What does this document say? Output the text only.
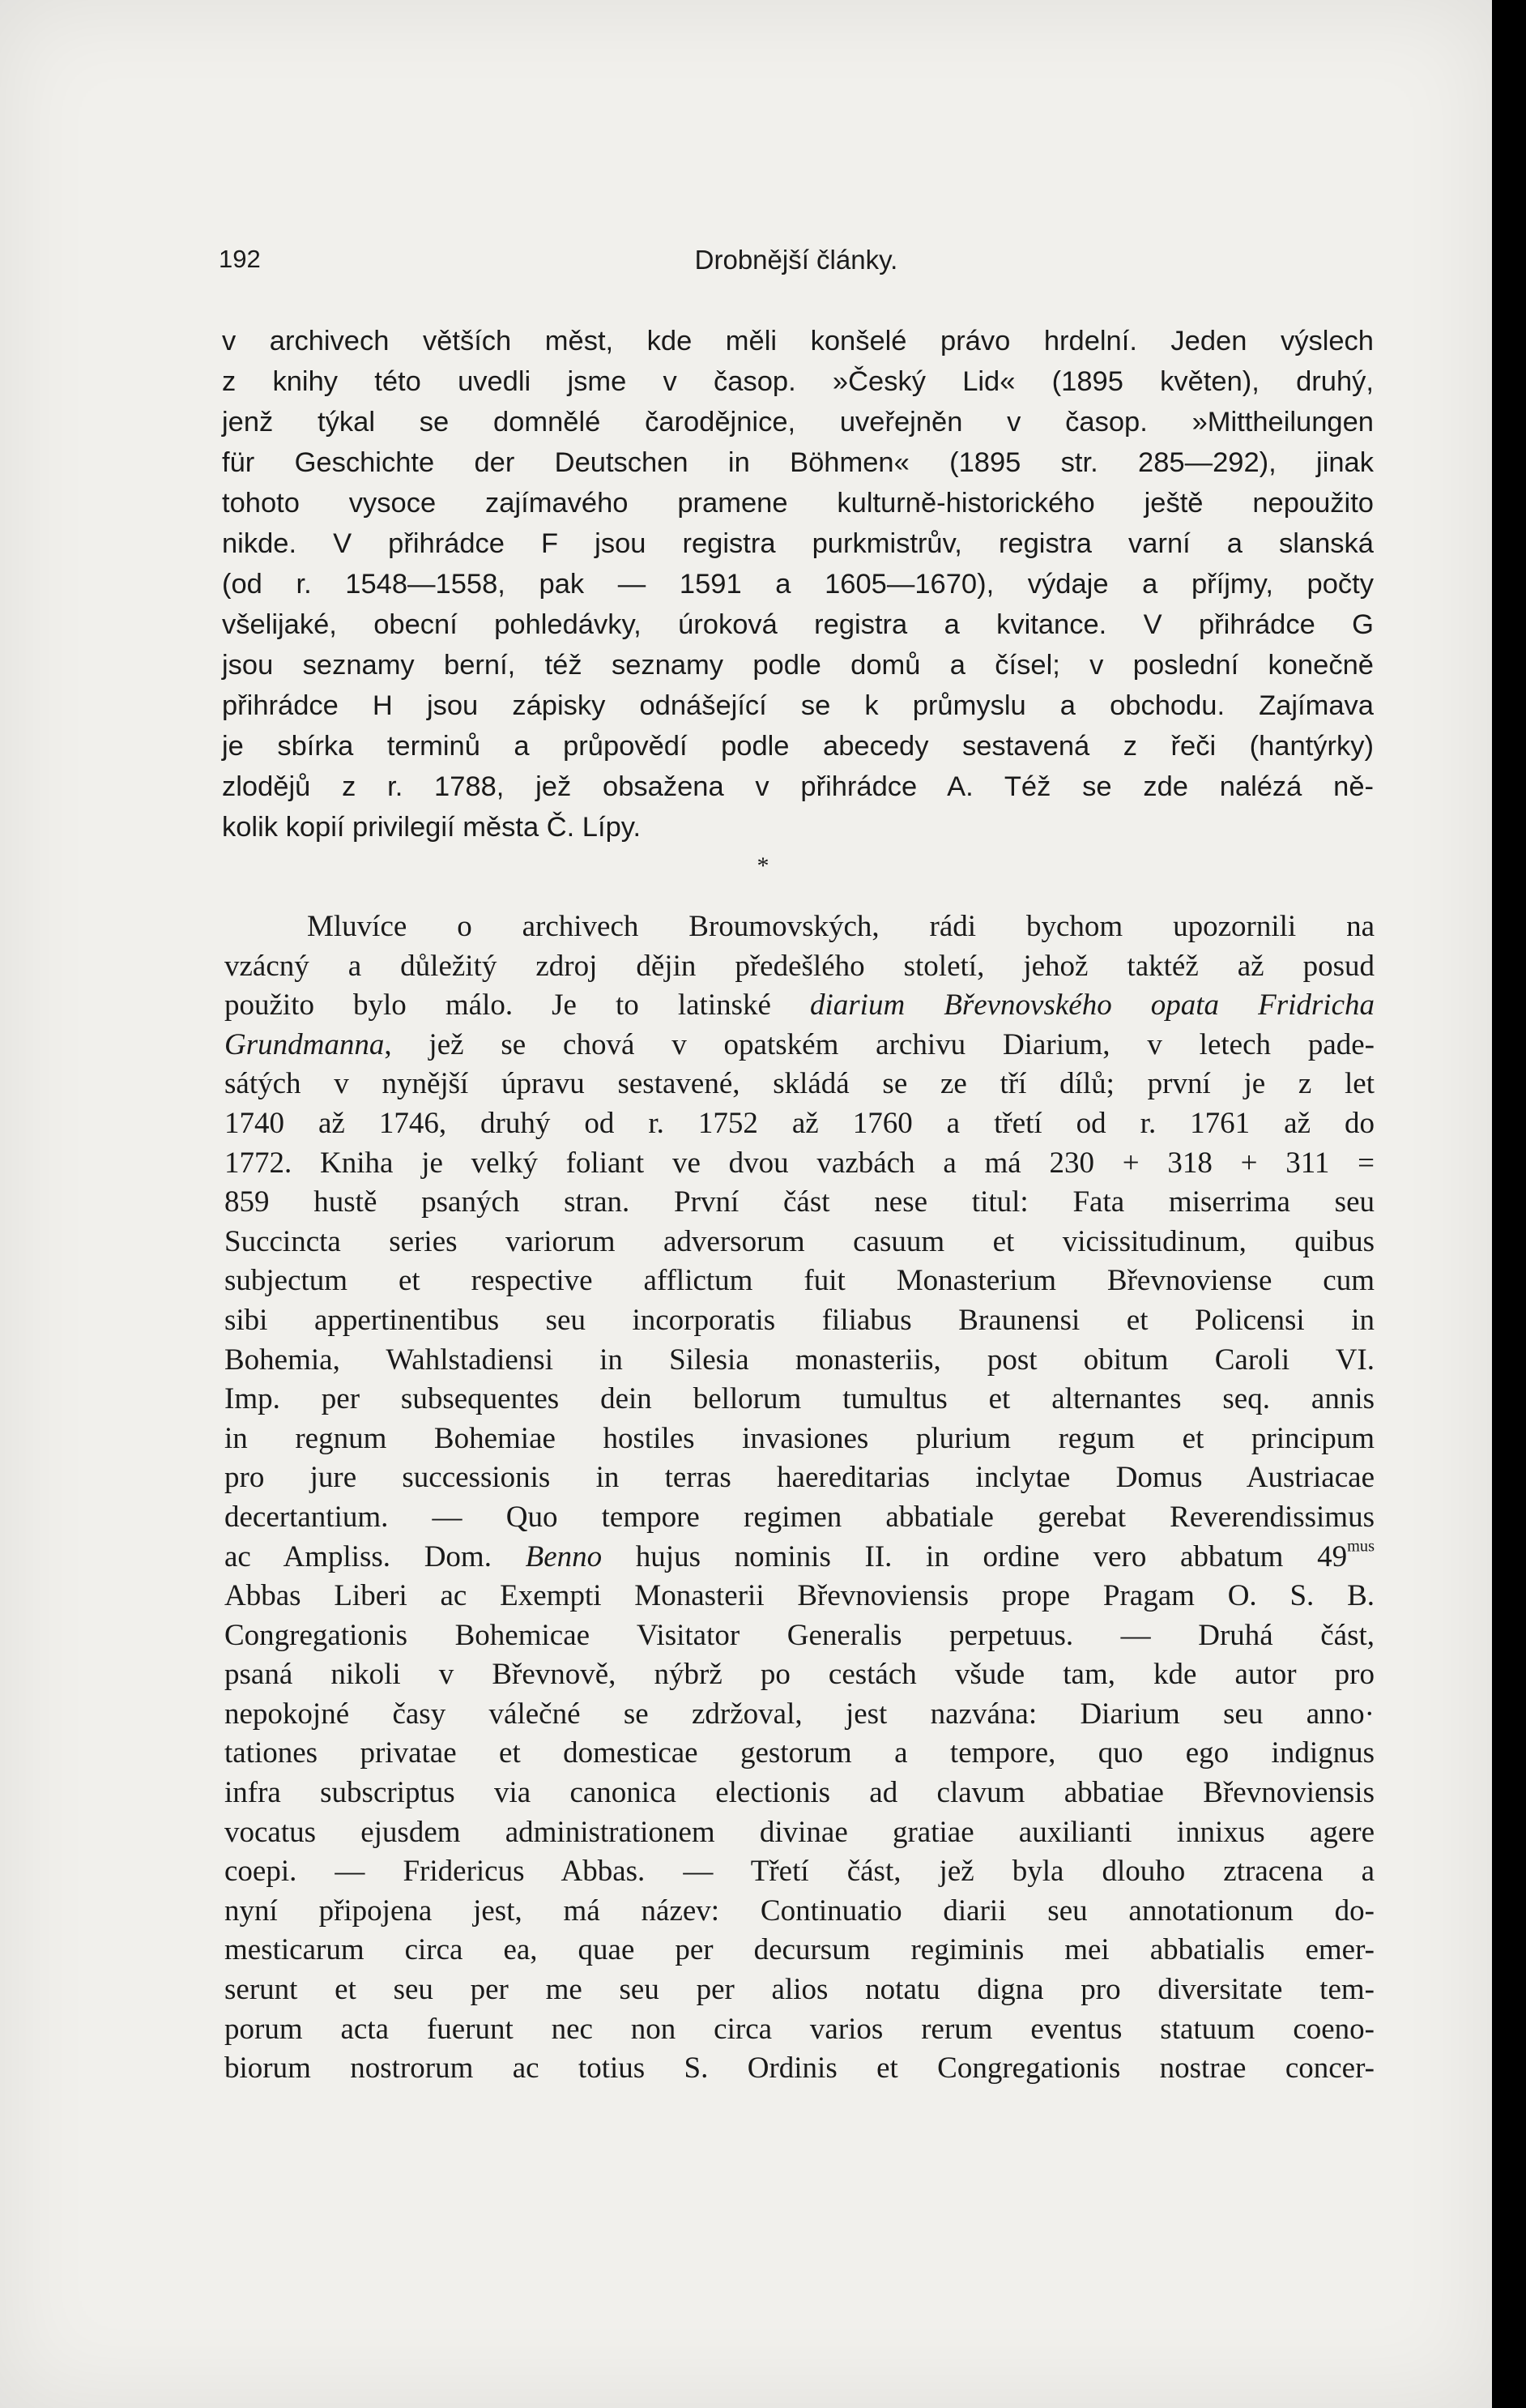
192	Drobnější články.
v archivech větších měst, kde měli konšelé právo hrdelní. Jeden výslech
z knihy této uvedli jsme v časop. »Český Lid« (1895 květen), druhý,
jenž týkal se domnělé čarodějnice, uveřejněn v časop. »Mittheilungen
für Geschichte der Deutschen in Böhmen« (1895 str. 285—292), jinak
tohoto vysoce zajímavého pramene kulturně-historického ještě nepoužito
nikde. V přihrádce F jsou registra purkmistrův, registra varní a slanská
(od r. 1548—1558, pak — 1591 a 1605—1670), výdaje a příjmy, počty
všelijaké, obecní pohledávky, úroková registra a kvitance. V přihrádce G
jsou seznamy berní, též seznamy podle domů a čísel; v poslední konečně
přihrádce H jsou zápisky odnášející se k průmyslu a obchodu. Zajímava
je sbírka terminů a průpovědí podle abecedy sestavená z řeči (hantýrky)
zlodějů z r. 1788, jež obsažena v přihrádce A. Též se zde nalézá ně-
kolik kopií privilegií města Č. Lípy.
*
Mluvíce o archivech Broumovských, rádi bychom upozornili na
vzácný a důležitý zdroj dějin předešlého století, jehož taktéž až posud
použito bylo málo. Je to latinské diarium Břevnovského opata Fridricha
Grundmanna, jež se chová v opatském archivu Diarium, v letech pade-
sátých v nynější úpravu sestavené, skládá se ze tří dílů; první je z let
1740 až 1746, druhý od r. 1752 až 1760 a třetí od r. 1761 až do
1772. Kniha je velký foliant ve dvou vazbách a má 230 + 318 + 311 =
859 hustě psaných stran. První část nese titul: Fata miserrima seu
Succincta series variorum adversorum casuum et vicissitudinum, quibus
subjectum et respective afflictum fuit Monasterium Břevnoviense cum
sibi appertinentibus seu incorporatis filiabus Braunensi et Policensi in
Bohemia, Wahlstadiensi in Silesia monasteriis, post obitum Caroli VI.
Imp. per subsequentes dein bellorum tumultus et alternantes seq. annis
in regnum Bohemiae hostiles invasiones plurium regum et principum
pro jure successionis in terras haereditarias inclytae Domus Austriacae
decertantium. — Quo tempore regimen abbatiale gerebat Reverendissimus
ac Ampliss. Dom. Benno hujus nominis II. in ordine vero abbatum $49^{mus}$
Abbas Liberi ac Exempti Monasterii Břevnoviensis prope Pragam O. S. B.
Congregationis Bohemicae Visitator Generalis perpetuus. — Druhá část,
psaná nikoli v Břevnově, nýbrž po cestách všude tam, kde autor pro
nepokojné časy válečné se zdržoval, jest nazvána: Diarium seu anno·
tationes privatae et domesticae gestorum a tempore, quo ego indignus
infra subscriptus via canonica electionis ad clavum abbatiae Břevnoviensis
vocatus ejusdem administrationem divinae gratiae auxilianti innixus agere
coepi. — Fridericus Abbas. — Třetí část, jež byla dlouho ztracena a
nyní připojena jest, má název: Continuatio diarii seu annotationum do-
mesticarum circa ea, quae per decursum regiminis mei abbatialis emer-
serunt et seu per me seu per alios notatu digna pro diversitate tem-
porum acta fuerunt nec non circa varios rerum eventus statuum coeno-
biorum nostrorum ac totius S. Ordinis et Congregationis nostrae concer-
